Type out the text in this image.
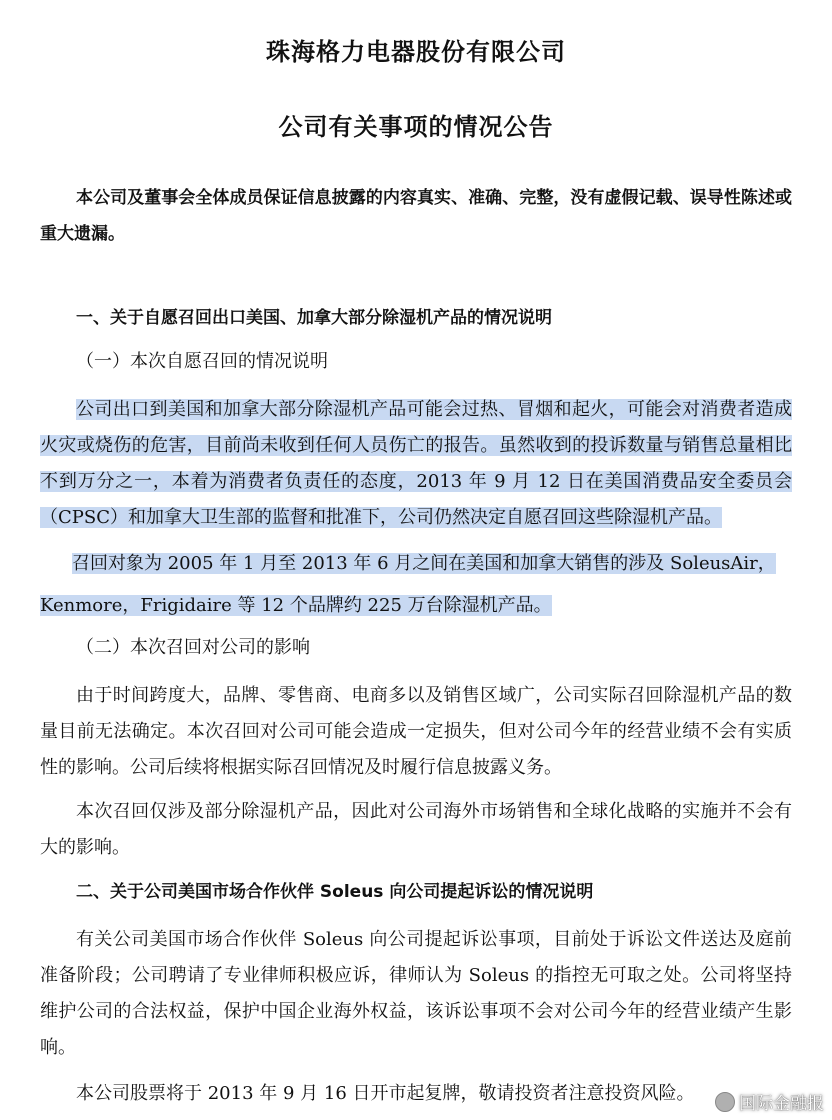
珠海格力电器股份有限公司
公司有关事项的情况公告
本公司及董事会全体成员保证信息披露的内容真实、准确、完整，没有虚假记载、误导性陈述或重大遗漏。
一、关于自愿召回出口美国、加拿大部分除湿机产品的情况说明
（一）本次自愿召回的情况说明
公司出口到美国和加拿大部分除湿机产品可能会过热、冒烟和起火，可能会对消费者造成火灾或烧伤的危害，目前尚未收到任何人员伤亡的报告。虽然收到的投诉数量与销售总量相比不到万分之一，本着为消费者负责任的态度，2013 年 9 月 12 日在美国消费品安全委员会（CPSC）和加拿大卫生部的监督和批准下，公司仍然决定自愿召回这些除湿机产品。
召回对象为 2005 年 1 月至 2013 年 6 月之间在美国和加拿大销售的涉及 SoleusAir，
Kenmore，Frigidaire 等 12 个品牌约 225 万台除湿机产品。
（二）本次召回对公司的影响
由于时间跨度大，品牌、零售商、电商多以及销售区域广，公司实际召回除湿机产品的数量目前无法确定。本次召回对公司可能会造成一定损失，但对公司今年的经营业绩不会有实质性的影响。公司后续将根据实际召回情况及时履行信息披露义务。
本次召回仅涉及部分除湿机产品，因此对公司海外市场销售和全球化战略的实施并不会有大的影响。
二、关于公司美国市场合作伙伴 Soleus 向公司提起诉讼的情况说明
有关公司美国市场合作伙伴 Soleus 向公司提起诉讼事项，目前处于诉讼文件送达及庭前准备阶段；公司聘请了专业律师积极应诉，律师认为 Soleus 的指控无可取之处。公司将坚持维护公司的合法权益，保护中国企业海外权益，该诉讼事项不会对公司今年的经营业绩产生影响。
本公司股票将于 2013 年 9 月 16 日开市起复牌，敬请投资者注意投资风险。	国际金融报
